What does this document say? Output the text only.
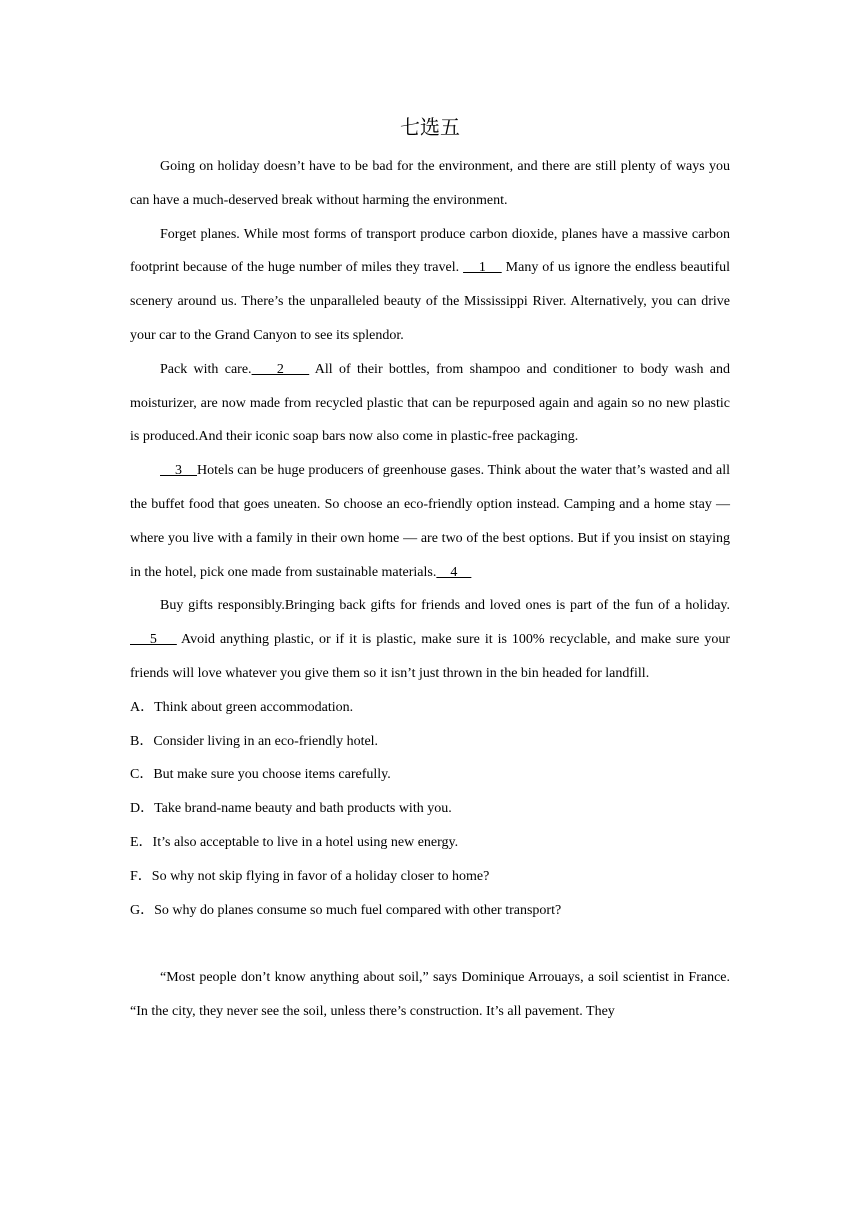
七选五

Going on holiday doesn’t have to be bad for the environment, and there are still plenty of ways you can have a much-deserved break without harming the environment.

Forget planes. While most forms of transport produce carbon dioxide, planes have a massive carbon footprint because of the huge number of miles they travel.     1     Many of us ignore the endless beautiful scenery around us. There’s the unparalleled beauty of the Mississippi River. Alternatively, you can drive your car to the Grand Canyon to see its splendor.

Pack with care.    2     All of their bottles, from shampoo and conditioner to body wash and moisturizer, are now made from recycled plastic that can be repurposed again and again so no new plastic is produced.And their iconic soap bars now also come in plastic-free packaging.

3    Hotels can be huge producers of greenhouse gases. Think about the water that’s wasted and all the buffet food that goes uneaten. So choose an eco-friendly option instead. Camping and a home stay — where you live with a family in their own home — are two of the best options. But if you insist on staying in the hotel, pick one made from sustainable materials.    4

Buy gifts responsibly.Bringing back gifts for friends and loved ones is part of the fun of a holiday.     5     Avoid anything plastic, or if it is plastic, make sure it is 100% recyclable, and make sure your friends will love whatever you give them so it isn’t just thrown in the bin headed for landfill.

A．Think about green accommodation.

B．Consider living in an eco-friendly hotel.

C．But make sure you choose items carefully.

D．Take brand-name beauty and bath products with you.

E．It’s also acceptable to live in a hotel using new energy.

F．So why not skip flying in favor of a holiday closer to home?

G．So why do planes consume so much fuel compared with other transport?

“Most people don’t know anything about soil,” says Dominique Arrouays, a soil scientist in France. “In the city, they never see the soil, unless there’s construction. It’s all pavement. They
